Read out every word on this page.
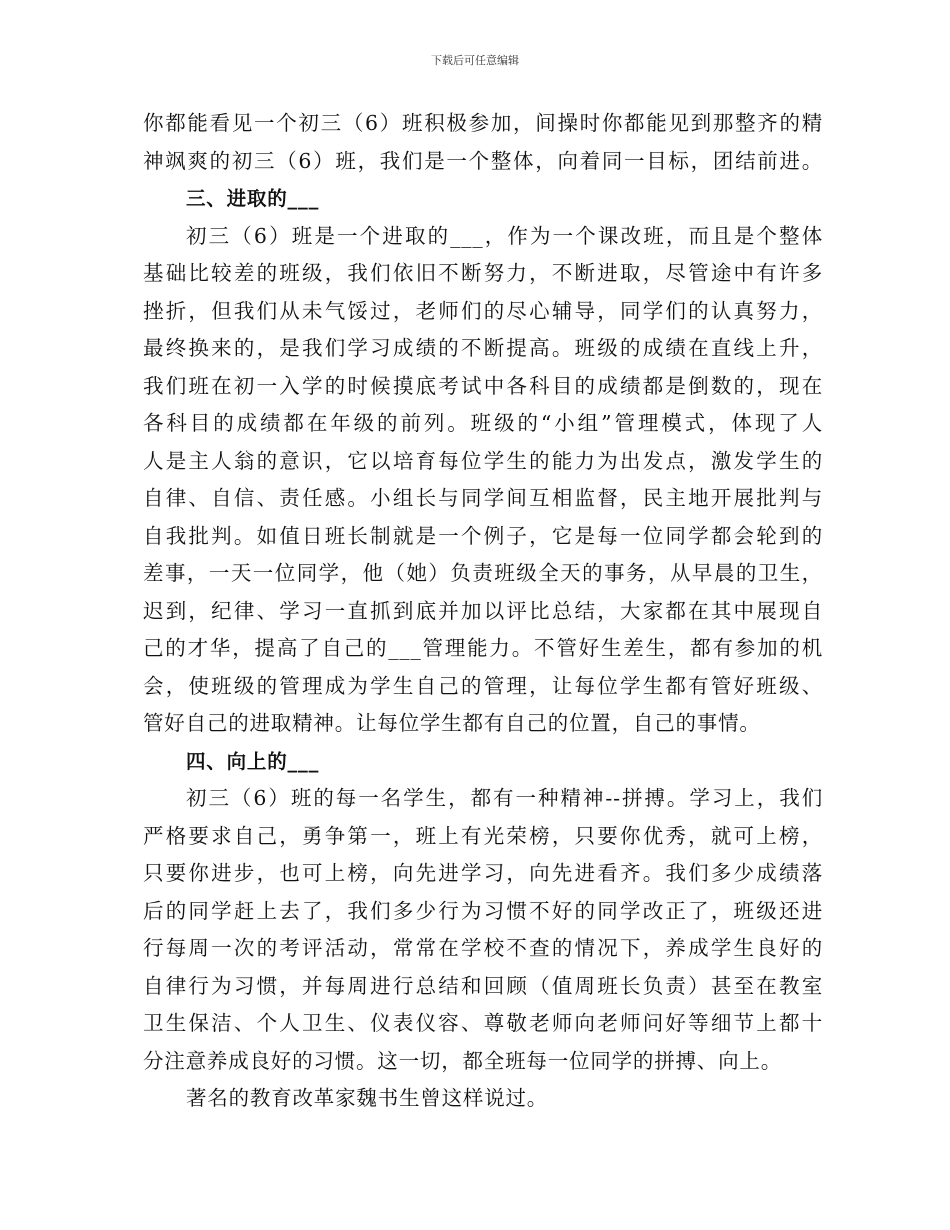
下载后可任意编辑
你都能看见一个初三（6）班积极参加，间操时你都能见到那整齐的精
神飒爽的初三（6）班，我们是一个整体，向着同一目标，团结前进。
三、进取的___
初三（6）班是一个进取的___，作为一个课改班，而且是个整体
基础比较差的班级，我们依旧不断努力，不断进取，尽管途中有许多
挫折，但我们从未气馁过，老师们的尽心辅导，同学们的认真努力，
最终换来的，是我们学习成绩的不断提高。班级的成绩在直线上升，
我们班在初一入学的时候摸底考试中各科目的成绩都是倒数的，现在
各科目的成绩都在年级的前列。班级的“小组”管理模式，体现了人
人是主人翁的意识，它以培育每位学生的能力为出发点，激发学生的
自律、自信、责任感。小组长与同学间互相监督，民主地开展批判与
自我批判。如值日班长制就是一个例子，它是每一位同学都会轮到的
差事，一天一位同学，他（她）负责班级全天的事务，从早晨的卫生，
迟到，纪律、学习一直抓到底并加以评比总结，大家都在其中展现自
己的才华，提高了自己的___管理能力。不管好生差生，都有参加的机
会，使班级的管理成为学生自己的管理，让每位学生都有管好班级、
管好自己的进取精神。让每位学生都有自己的位置，自己的事情。
四、向上的___
初三（6）班的每一名学生，都有一种精神--拼搏。学习上，我们
严格要求自己，勇争第一，班上有光荣榜，只要你优秀，就可上榜，
只要你进步，也可上榜，向先进学习，向先进看齐。我们多少成绩落
后的同学赶上去了，我们多少行为习惯不好的同学改正了，班级还进
行每周一次的考评活动，常常在学校不查的情况下，养成学生良好的
自律行为习惯，并每周进行总结和回顾（值周班长负责）甚至在教室
卫生保洁、个人卫生、仪表仪容、尊敬老师向老师问好等细节上都十
分注意养成良好的习惯。这一切，都全班每一位同学的拼搏、向上。
著名的教育改革家魏书生曾这样说过。
